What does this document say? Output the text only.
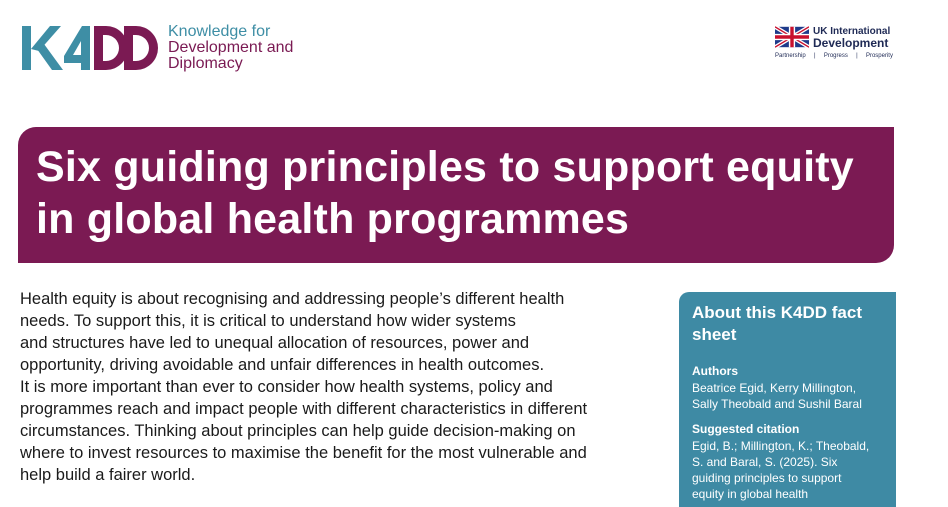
Knowledge for
Development and
Diplomacy
UK International
Development
Partnership | Progress | Prosperity
Six guiding principles to support equity
in global health programmes

Health equity is about recognising and addressing people’s different health
needs. To support this, it is critical to understand how wider systems
and structures have led to unequal allocation of resources, power and
opportunity, driving avoidable and unfair differences in health outcomes.
It is more important than ever to consider how health systems, policy and
programmes reach and impact people with different characteristics in different
circumstances. Thinking about principles can help guide decision-making on
where to invest resources to maximise the benefit for the most vulnerable and
help build a fairer world.

About this K4DD fact
sheet
Authors
Beatrice Egid, Kerry Millington,
Sally Theobald and Sushil Baral
Suggested citation
Egid, B.; Millington, K.; Theobald,
S. and Baral, S. (2025). Six
guiding principles to support
equity in global health
